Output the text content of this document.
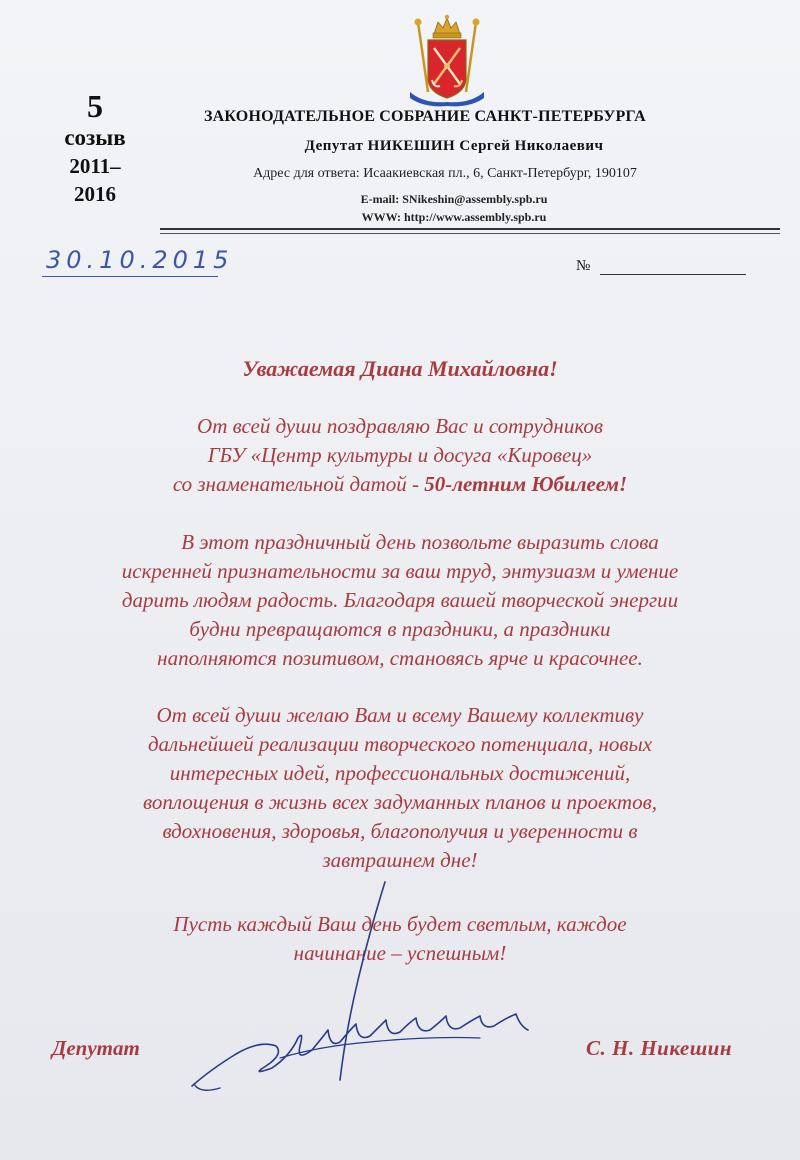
5
созыв
2011–
2016
ЗАКОНОДАТЕЛЬНОЕ СОБРАНИЕ САНКТ-ПЕТЕРБУРГА
Депутат НИКЕШИН Сергей Николаевич
Адрес для ответа: Исаакиевская пл., 6, Санкт-Петербург, 190107
E-mail: SNikeshin@assembly.spb.ru
WWW: http://www.assembly.spb.ru
30.10.2015	№
Уважаемая Диана Михайловна!
От всей души поздравляю Вас и сотрудников
ГБУ «Центр культуры и досуга «Кировец»
со знаменательной датой - 50-летним Юбилеем!
В этот праздничный день позвольте выразить слова
искренней признательности за ваш труд, энтузиазм и умение
дарить людям радость. Благодаря вашей творческой энергии
будни превращаются в праздники, а праздники
наполняются позитивом, становясь ярче и красочнее.
От всей души желаю Вам и всему Вашему коллективу
дальнейшей реализации творческого потенциала, новых
интересных идей, профессиональных достижений,
воплощения в жизнь всех задуманных планов и проектов,
вдохновения, здоровья, благополучия и уверенности в
завтрашнем дне!
Пусть каждый Ваш день будет светлым, каждое
начинание – успешным!
Депутат	С. Н. Никешин
